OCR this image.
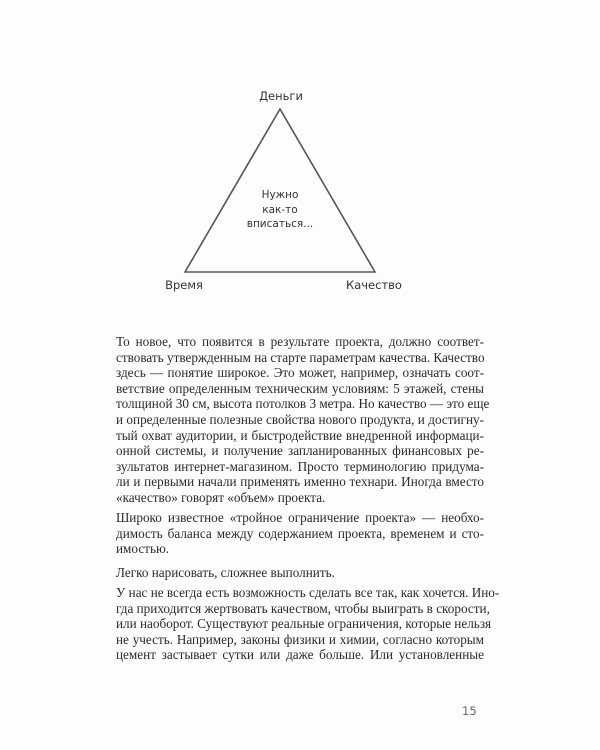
Деньги
Время	Качество
Нужно
как-то
вписаться...
То новое, что появится в результате проекта, должно соответ-
ствовать утвержденным на старте параметрам качества. Качество
здесь — понятие широкое. Это может, например, означать соот-
ветствие определенным техническим условиям: 5 этажей, стены
толщиной 30 см, высота потолков 3 метра. Но качество — это еще
и определенные полезные свойства нового продукта, и достигну-
тый охват аудитории, и быстродействие внедренной информаци-
онной системы, и получение запланированных финансовых ре-
зультатов интернет-магазином. Просто терминологию придума-
ли и первыми начали применять именно технари. Иногда вместо
«качество» говорят «объем» проекта.
Широко известное «тройное ограничение проекта» — необхо-
димость баланса между содержанием проекта, временем и сто-
имостью.
Легко нарисовать, сложнее выполнить.
У нас не всегда есть возможность сделать все так, как хочется. Ино-
гда приходится жертвовать качеством, чтобы выиграть в скорости,
или наоборот. Существуют реальные ограничения, которые нельзя
не учесть. Например, законы физики и химии, согласно которым
цемент застывает сутки или даже больше. Или установленные
15
